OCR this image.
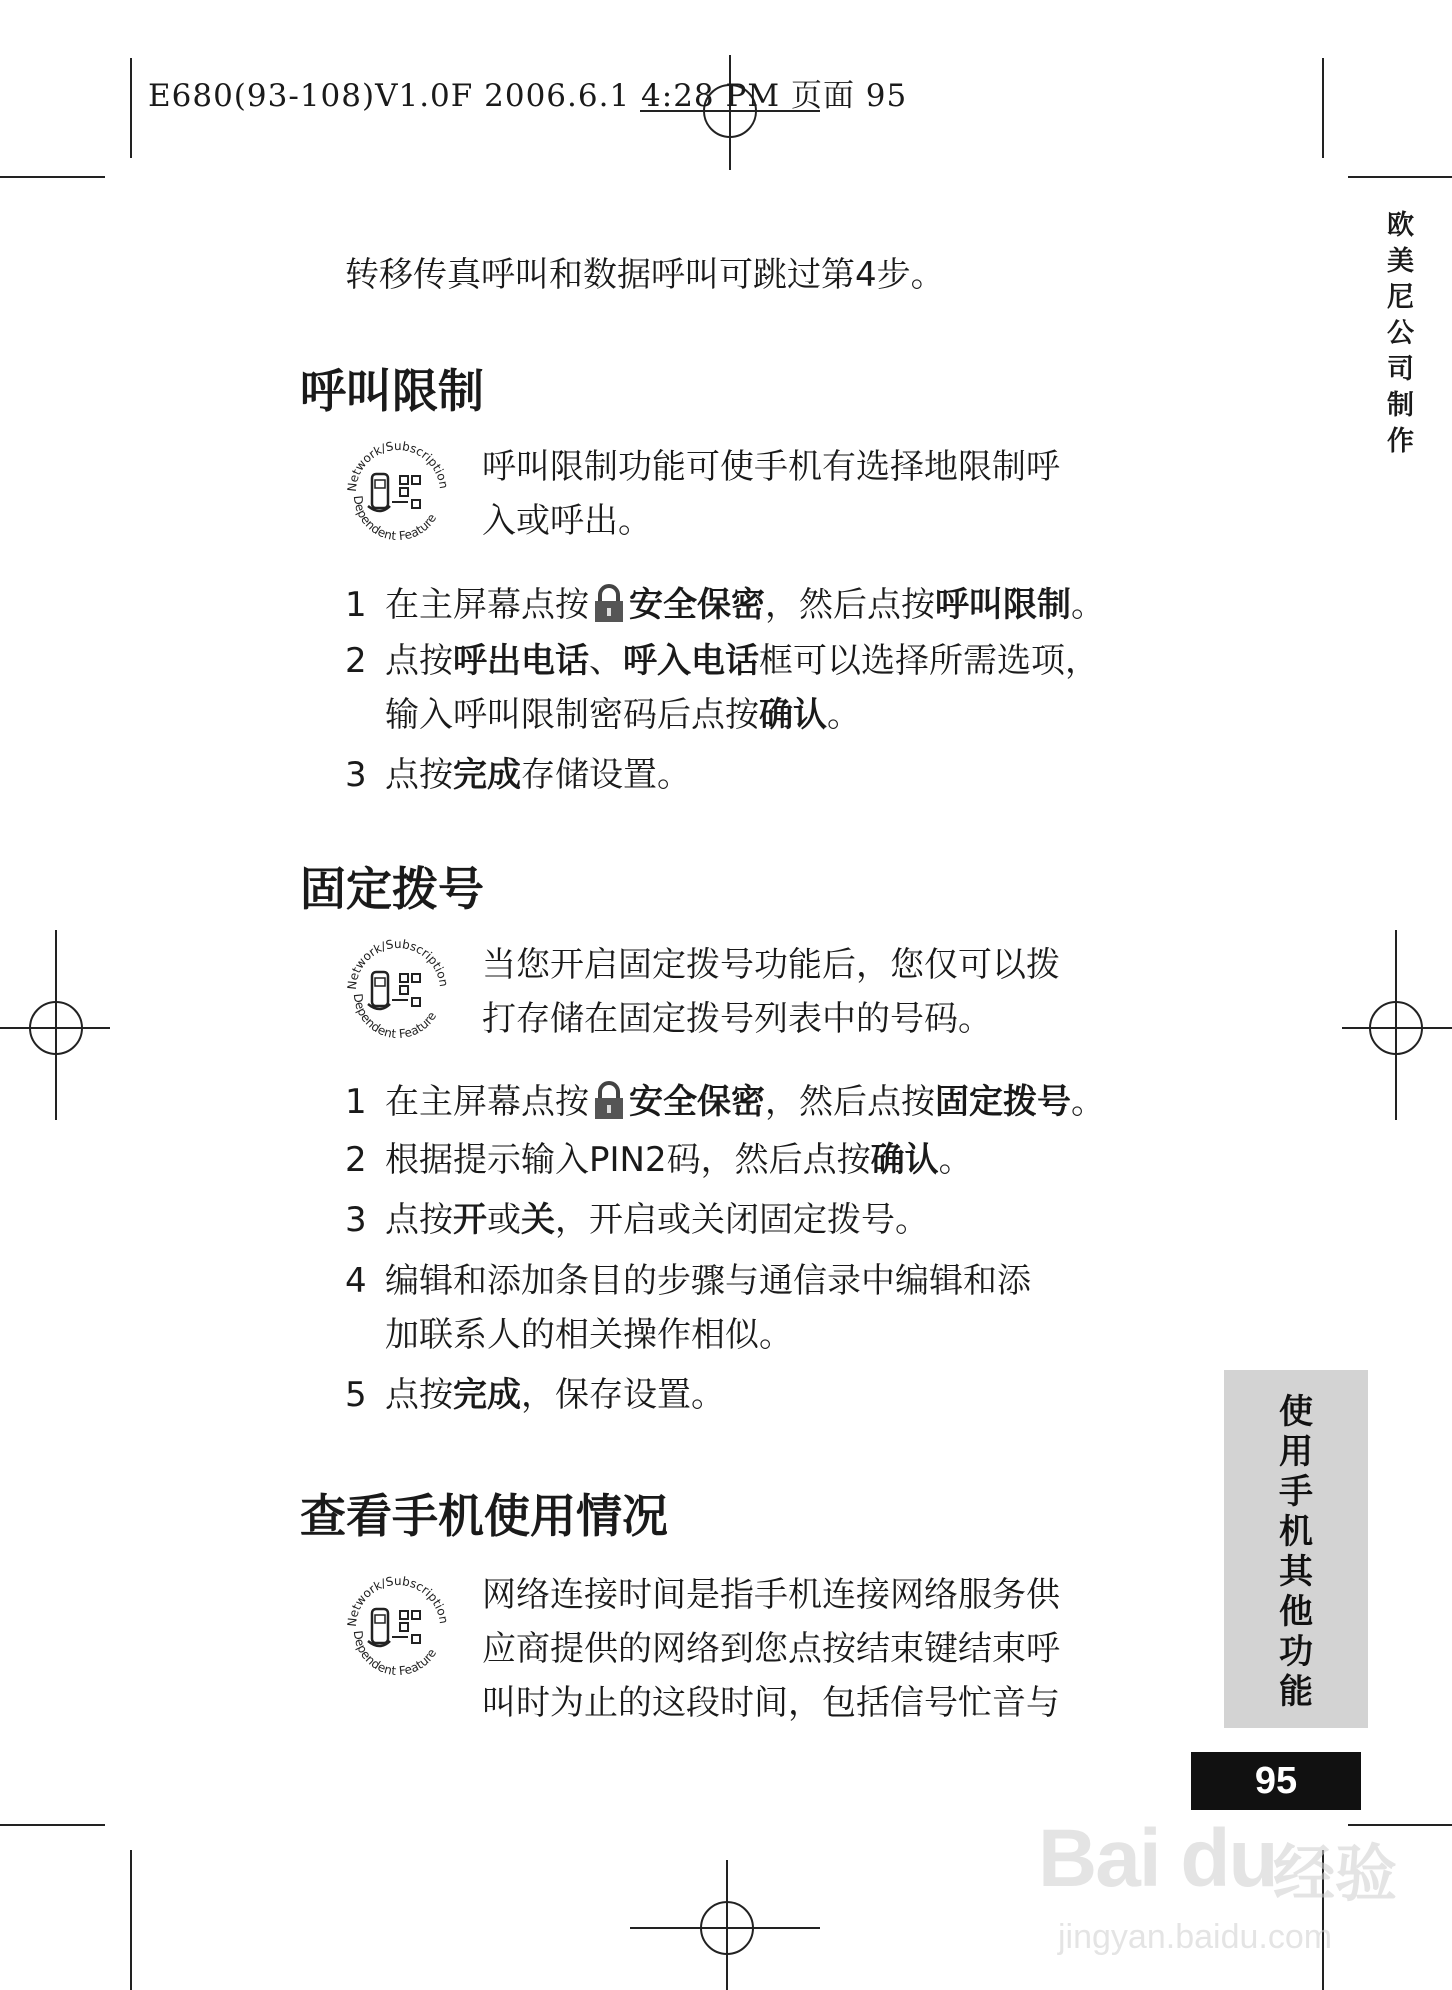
E680(93-108)V1.0F 2006.6.1 4:28 PM 页面 95
欧
美
尼
公
司
制
作
转移传真呼叫和数据呼叫可跳过第4步。
呼叫限制
Network/Subscription
Dependent Feature
呼叫限制功能可使手机有选择地限制呼
入或呼出。
1 在主屏幕点按 安全保密，然后点按呼叫限制。
2 点按呼出电话、呼入电话框可以选择所需选项，
输入呼叫限制密码后点按确认。
3 点按完成存储设置。
固定拨号
Network/Subscription
Dependent Feature
当您开启固定拨号功能后，您仅可以拨
打存储在固定拨号列表中的号码。
1 在主屏幕点按 安全保密，然后点按固定拨号。
2 根据提示输入PIN2码，然后点按确认。
3 点按开或关，开启或关闭固定拨号。
4 编辑和添加条目的步骤与通信录中编辑和添
加联系人的相关操作相似。
5 点按完成，保存设置。
查看手机使用情况
Network/Subscription
Dependent Feature
网络连接时间是指手机连接网络服务供
应商提供的网络到您点按结束键结束呼
叫时为止的这段时间，包括信号忙音与
使
用
手
机
其
他
功
能
95
Bai du
经验
jingyan.baidu.com
